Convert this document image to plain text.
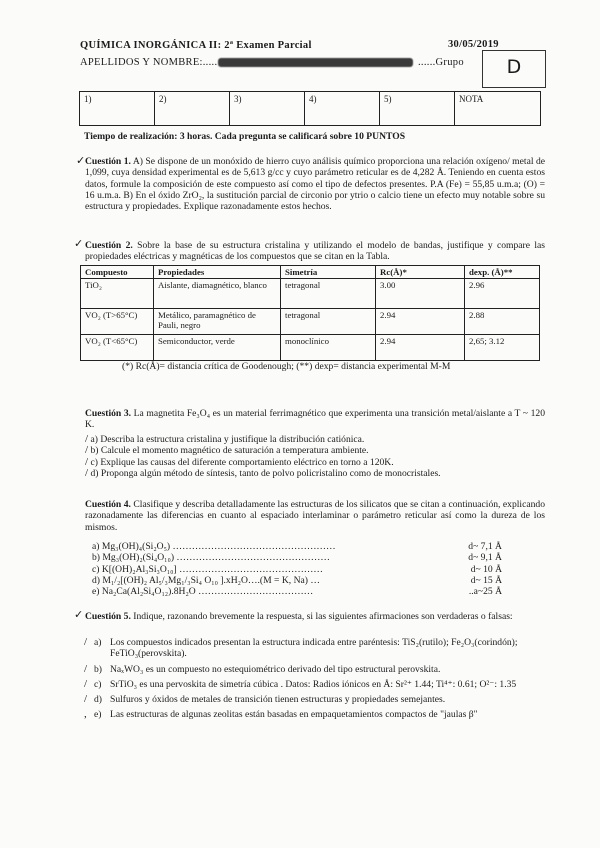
QUÍMICA INORGÁNICA II: 2ª Examen Parcial	30/05/2019
APELLIDOS Y NOMBRE:.....	......Grupo	D
1)	2)	3)	4)	5)	NOTA
Tiempo de realización: 3 horas. Cada pregunta se calificará sobre 10 PUNTOS
✓ Cuestión 1. A) Se dispone de un monóxido de hierro cuyo análisis químico proporciona una relación oxígeno/ metal de 1,099, cuya densidad experimental es de 5,613 g/cc y cuyo parámetro reticular es de 4,282 Å. Teniendo en cuenta estos datos, formule la composición de este compuesto así como el tipo de defectos presentes. P.A (Fe) = 55,85 u.m.a; (O) = 16 u.m.a. B) En el óxido ZrO₂, la sustitución parcial de circonio por ytrio o calcio tiene un efecto muy notable sobre su estructura y propiedades. Explique razonadamente estos hechos.
✓ Cuestión 2. Sobre la base de su estructura cristalina y utilizando el modelo de bandas, justifique y compare las propiedades eléctricas y magnéticas de los compuestos que se citan en la Tabla.
Compuesto	Propiedades	Simetría	Rc(Å)*	dexp. (Å)**
TiO₂	Aislante, diamagnético, blanco	tetragonal	3.00	2.96
VO₂ (T>65°C)	Metálico, paramagnético de Pauli, negro	tetragonal	2.94	2.88
VO₂ (T<65°C)	Semiconductor, verde	monoclínico	2.94	2,65; 3.12
(*) Rc(Å)= distancia crítica de Goodenough; (**) dexp= distancia experimental M-M
Cuestión 3. La magnetita Fe₃O₄ es un material ferrimagnético que experimenta una transición metal/aislante a T ~ 120 K.
/ a) Describa la estructura cristalina y justifique la distribución catiónica.
/ b) Calcule el momento magnético de saturación a temperatura ambiente.
/ c) Explique las causas del diferente comportamiento eléctrico en torno a 120K.
/ d) Proponga algún método de síntesis, tanto de polvo policristalino como de monocristales.
Cuestión 4. Clasifique y describa detalladamente las estructuras de los silicatos que se citan a continuación, explicando razonadamente las diferencias en cuanto al espaciado interlaminar o parámetro reticular así como la dureza de los mismos.
a) Mg₃(OH)₄(Si₂O₅) ……………………………………………	d~ 7,1 Å
b) Mg₃(OH)₂(Si₄O₁₀) …………………………………………	d~ 9,1 Å
c) K[(OH)₂Al₃Si₃O₁₀] ………………………………………	d~ 10 Å
d) M₁/₂[(OH)₂ Al₅/₃Mg₁/₃Si₄ O₁₀ ].xH₂O….(M = K, Na) …	d~ 15 Å
e) Na₂Ca(Al₂Si₄O₁₂).8H₂O ………………………………	..a~25 Å
✓ Cuestión 5. Indique, razonando brevemente la respuesta, si las siguientes afirmaciones son verdaderas o falsas:
/ a) Los compuestos indicados presentan la estructura indicada entre paréntesis: TiS₂(rutilo); Fe₂O₃(corindón); FeTiO₃(perovskita).
/ b) NaₓWO₃ es un compuesto no estequiométrico derivado del tipo estructural perovskita.
/ c) SrTiO₃ es una pervoskita de simetría cúbica . Datos: Radios iónicos en Å: Sr²⁺ 1.44; Ti⁴⁺: 0.61; O²⁻: 1.35
/ d) Sulfuros y óxidos de metales de transición tienen estructuras y propiedades semejantes.
, e) Las estructuras de algunas zeolitas están basadas en empaquetamientos compactos de "jaulas β"
